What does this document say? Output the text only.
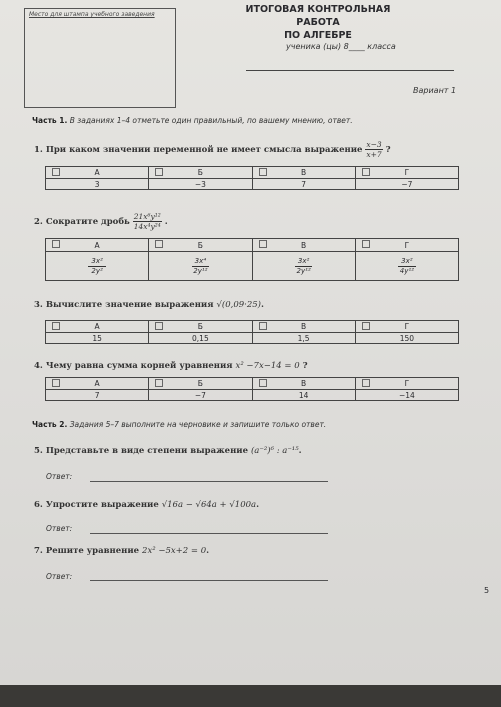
Место для штампа учебного заведения	ИТОГОВАЯ КОНТРОЛЬНАЯ РАБОТА
ПО АЛГЕБРЕ
ученика (цы) 8____ класса
Вариант 1
Часть 1. В заданиях 1–4 отметьте один правильный, по вашему мнению, ответ.
1. При каком значении переменной не имеет смысла выражение $\frac{x-3}{x+7}$ ?
А	Б	В	Г
3	−3	7	−7
2. Сократите дробь $\frac{\text{21x⁶y¹²}}{\text{14x⁴y²⁴}}$ .
А	Б	В	Г

$\frac{\text{3x²}}{\text{2y²}}$	$\frac{\text{3x⁴}}{\text{2y¹²}}$	$\frac{\text{3x²}}{\text{2y¹²}}$	$\frac{\text{3x²}}{\text{4y¹²}}$
3. Вычислите значение выражения √(0,09·25).
А	Б	В	Г
15	0,15	1,5	150
4. Чему равна сумма корней уравнения x² −7x−14 = 0 ?
А	Б	В	Г
7	−7	14	−14
Часть 2. Задания 5–7 выполните на черновике и запишите только ответ.
5. Представьте в виде степени выражение (a⁻²)⁶ : a⁻¹⁵.
Ответ:
6. Упростите выражение √16a − √64a + √100a.
Ответ:
7. Решите уравнение 2x² −5x+2 = 0.
Ответ:
5
